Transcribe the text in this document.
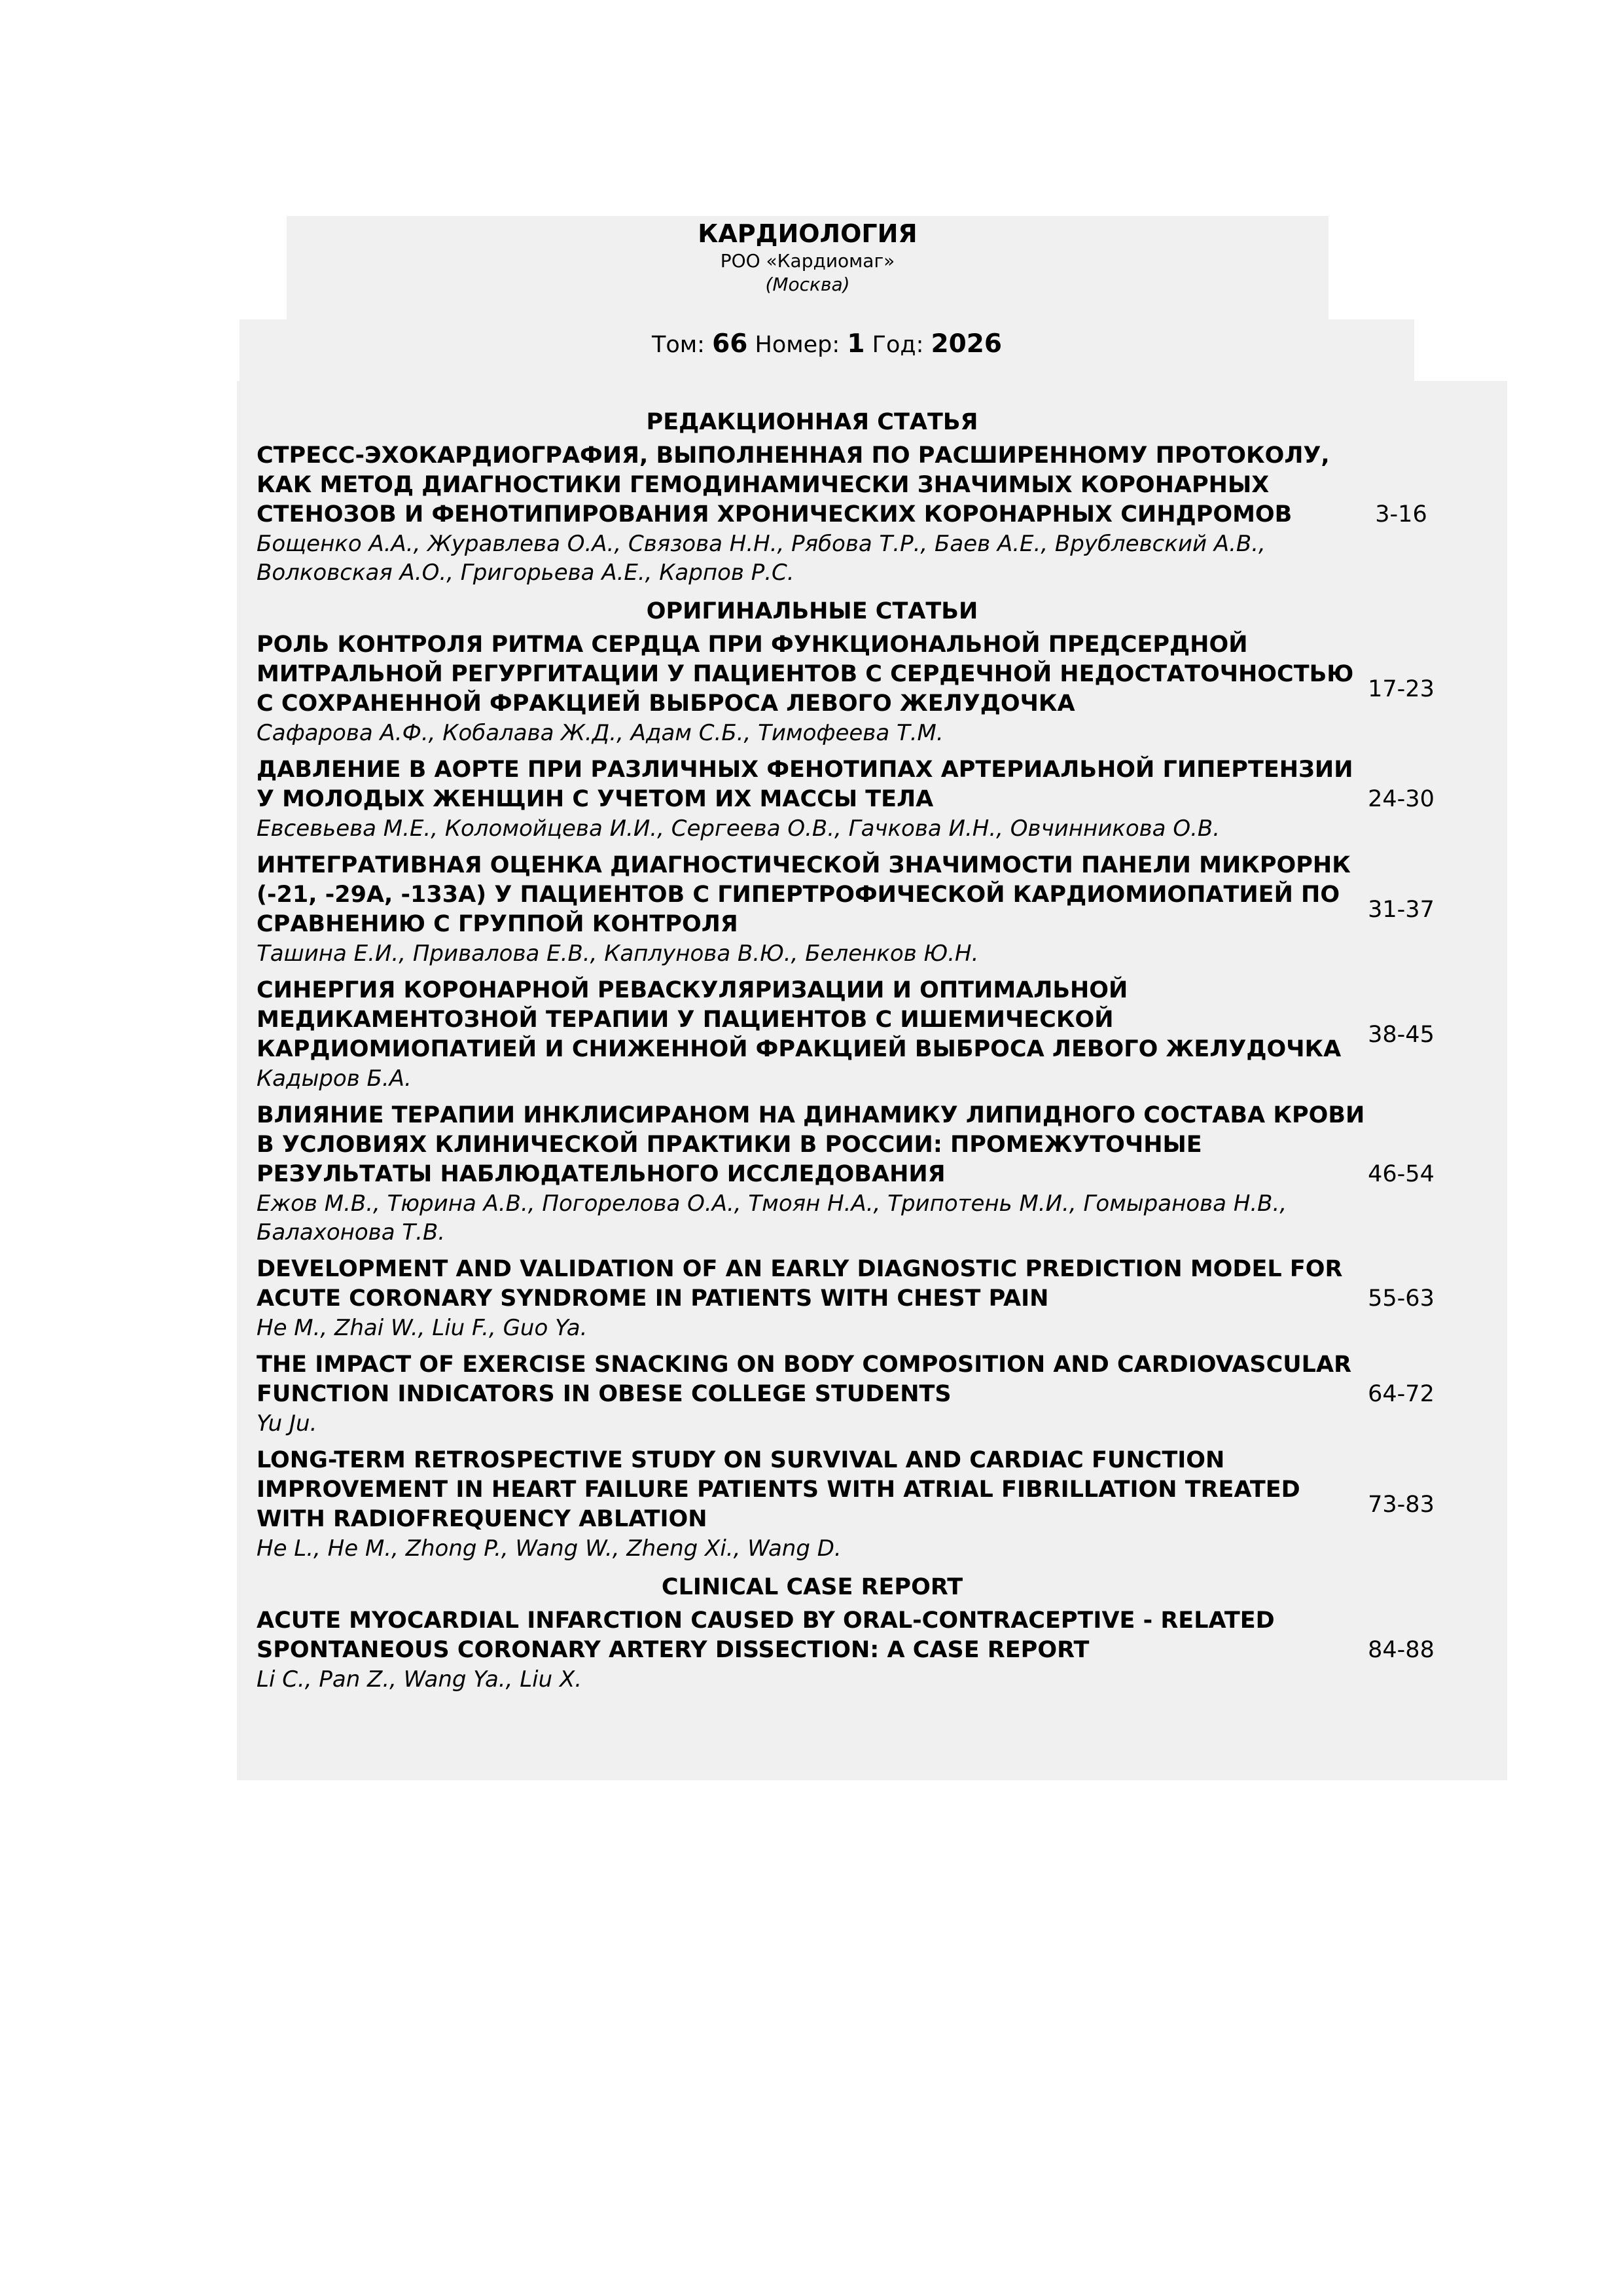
КАРДИОЛОГИЯ
РОО «Кардиомаг»
(Москва)
Том: 66 Номер: 1 Год: 2026
РЕДАКЦИОННАЯ СТАТЬЯ
СТРЕСС-ЭХОКАРДИОГРАФИЯ, ВЫПОЛНЕННАЯ ПО РАСШИРЕННОМУ ПРОТОКОЛУ, КАК МЕТОД ДИАГНОСТИКИ ГЕМОДИНАМИЧЕСКИ ЗНАЧИМЫХ КОРОНАРНЫХ СТЕНОЗОВ И ФЕНОТИПИРОВАНИЯ ХРОНИЧЕСКИХ КОРОНАРНЫХ СИНДРОМОВ
Бощенко А.А., Журавлева О.А., Связова Н.Н., Рябова Т.Р., Баев А.Е., Врублевский А.В., Волковская А.О., Григорьева А.Е., Карпов Р.С.
3-16
ОРИГИНАЛЬНЫЕ СТАТЬИ
РОЛЬ КОНТРОЛЯ РИТМА СЕРДЦА ПРИ ФУНКЦИОНАЛЬНОЙ ПРЕДСЕРДНОЙ МИТРАЛЬНОЙ РЕГУРГИТАЦИИ У ПАЦИЕНТОВ С СЕРДЕЧНОЙ НЕДОСТАТОЧНОСТЬЮ С СОХРАНЕННОЙ ФРАКЦИЕЙ ВЫБРОСА ЛЕВОГО ЖЕЛУДОЧКА
Сафарова А.Ф., Кобалава Ж.Д., Адам С.Б., Тимофеева Т.М.
17-23
ДАВЛЕНИЕ В АОРТЕ ПРИ РАЗЛИЧНЫХ ФЕНОТИПАХ АРТЕРИАЛЬНОЙ ГИПЕРТЕНЗИИ У МОЛОДЫХ ЖЕНЩИН С УЧЕТОМ ИХ МАССЫ ТЕЛА
Евсевьева М.Е., Коломойцева И.И., Сергеева О.В., Гачкова И.Н., Овчинникова О.В.
24-30
ИНТЕГРАТИВНАЯ ОЦЕНКА ДИАГНОСТИЧЕСКОЙ ЗНАЧИМОСТИ ПАНЕЛИ МИКРОРНК (-21, -29А, -133А) У ПАЦИЕНТОВ С ГИПЕРТРОФИЧЕСКОЙ КАРДИОМИОПАТИЕЙ ПО СРАВНЕНИЮ С ГРУППОЙ КОНТРОЛЯ
Ташина Е.И., Привалова Е.В., Каплунова В.Ю., Беленков Ю.Н.
31-37
СИНЕРГИЯ КОРОНАРНОЙ РЕВАСКУЛЯРИЗАЦИИ И ОПТИМАЛЬНОЙ МЕДИКАМЕНТОЗНОЙ ТЕРАПИИ У ПАЦИЕНТОВ С ИШЕМИЧЕСКОЙ КАРДИОМИОПАТИЕЙ И СНИЖЕННОЙ ФРАКЦИЕЙ ВЫБРОСА ЛЕВОГО ЖЕЛУДОЧКА
Кадыров Б.А.
38-45
ВЛИЯНИЕ ТЕРАПИИ ИНКЛИСИРАНОМ НА ДИНАМИКУ ЛИПИДНОГО СОСТАВА КРОВИ В УСЛОВИЯХ КЛИНИЧЕСКОЙ ПРАКТИКИ В РОССИИ: ПРОМЕЖУТОЧНЫЕ РЕЗУЛЬТАТЫ НАБЛЮДАТЕЛЬНОГО ИССЛЕДОВАНИЯ
Ежов М.В., Тюрина А.В., Погорелова О.А., Тмоян Н.А., Трипотень М.И., Гомыранова Н.В., Балахонова Т.В.
46-54
DEVELOPMENT AND VALIDATION OF AN EARLY DIAGNOSTIC PREDICTION MODEL FOR ACUTE CORONARY SYNDROME IN PATIENTS WITH CHEST PAIN
He M., Zhai W., Liu F., Guo Ya.
55-63
THE IMPACT OF EXERCISE SNACKING ON BODY COMPOSITION AND CARDIOVASCULAR FUNCTION INDICATORS IN OBESE COLLEGE STUDENTS
Yu Ju.
64-72
LONG-TERM RETROSPECTIVE STUDY ON SURVIVAL AND CARDIAC FUNCTION IMPROVEMENT IN HEART FAILURE PATIENTS WITH ATRIAL FIBRILLATION TREATED WITH RADIOFREQUENCY ABLATION
He L., He M., Zhong P., Wang W., Zheng Xi., Wang D.
73-83
CLINICAL CASE REPORT
ACUTE MYOCARDIAL INFARCTION CAUSED BY ORAL-CONTRACEPTIVE - RELATED SPONTANEOUS CORONARY ARTERY DISSECTION: A CASE REPORT
Li C., Pan Z., Wang Ya., Liu X.
84-88
